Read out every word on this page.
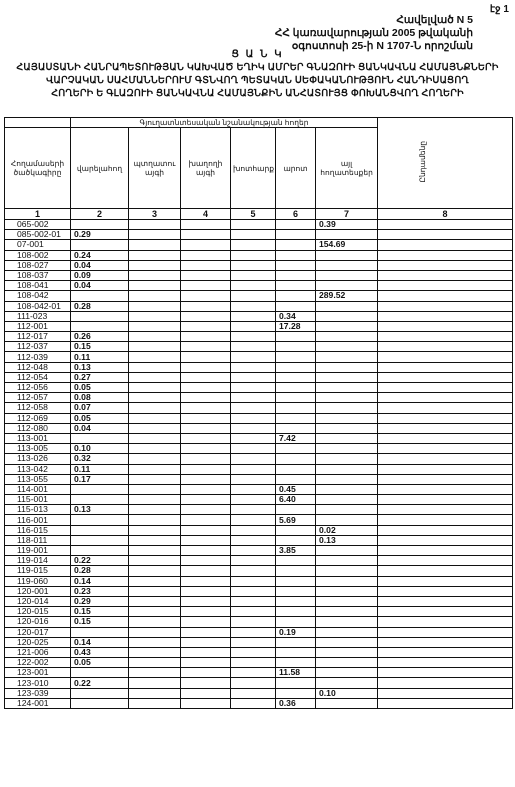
էջ 1
Հավելված N 5
ՀՀ կառավարության 2005 թվականի
օգոստոսի 25-ի N 1707-Ն որոշման
Ց Ա Ն Կ
ՀԱՅԱՍՏԱՆԻ ՀԱՆՐԱՊԵՏՈՒԹՅԱՆ ԿԱԽՎԱԾ ԵՂԻԿ ԱՄՐԵՐ ԳՆԱԶՈՒԻ ՑԱՆԿԱՎՆԱ ՀԱՄԱՅՆՔՆԵՐԻ
ՎԱՐՉԱԿԱՆ ՍԱՀՄԱՆՆԵՐՈՒՄ ԳՏՆՎՈՂ ՊԵՏԱԿԱՆ ՍԵՓԱԿԱՆՈՒԹՅՈՒՆ ՀԱՆԴԻՍԱՑՈՂ
ՀՈՂԵՐԻ Ե ԳԼԱԶՈՒԻ ՑԱՆԿԱՎՆԱ ՀԱՄԱՅՆՔԻՆ ԱՆՀԱՏՈՒՅՑ ՓՈԽԱՆՑՎՈՂ ՀՈՂԵՐԻ
	Գյուղատնտեսական նշանակության հողեր						Ընդամենը
Հողամասերի ծածկագիրը	վարելահող	պտղատու այգի	խաղողի այգի	խոտհարք	արոտ	այլ հողատեսքեր	
1	2	3	4	5	6	7	8
065-002						0.39	
085-002-01	0.29						
07-001						154.69	
108-002	0.24						
108-027	0.04						
108-037	0.09						
108-041	0.04						
108-042						289.52	
108-042-01	0.28						
111-023					0.34		
112-001					17.28		
112-017	0.26						
112-037	0.15						
112-039	0.11						
112-048	0.13						
112-054	0.27						
112-056	0.05						
112-057	0.08						
112-058	0.07						
112-069	0.05						
112-080	0.04						
113-001					7.42		
113-005	0.10						
113-026	0.32						
113-042	0.11						
113-055	0.17						
114-001					0.45		
115-001					6.40		
115-013	0.13						
116-001					5.69		
116-015						0.02	
118-011						0.13	
119-001					3.85		
119-014	0.22						
119-015	0.28						
119-060	0.14						
120-001	0.23						
120-014	0.29						
120-015	0.15						
120-016	0.15						
120-017					0.19		
120-025	0.14						
121-006	0.43						
122-002	0.05						
123-001					11.58		
123-010	0.22						
123-039						0.10	
124-001					0.36		
